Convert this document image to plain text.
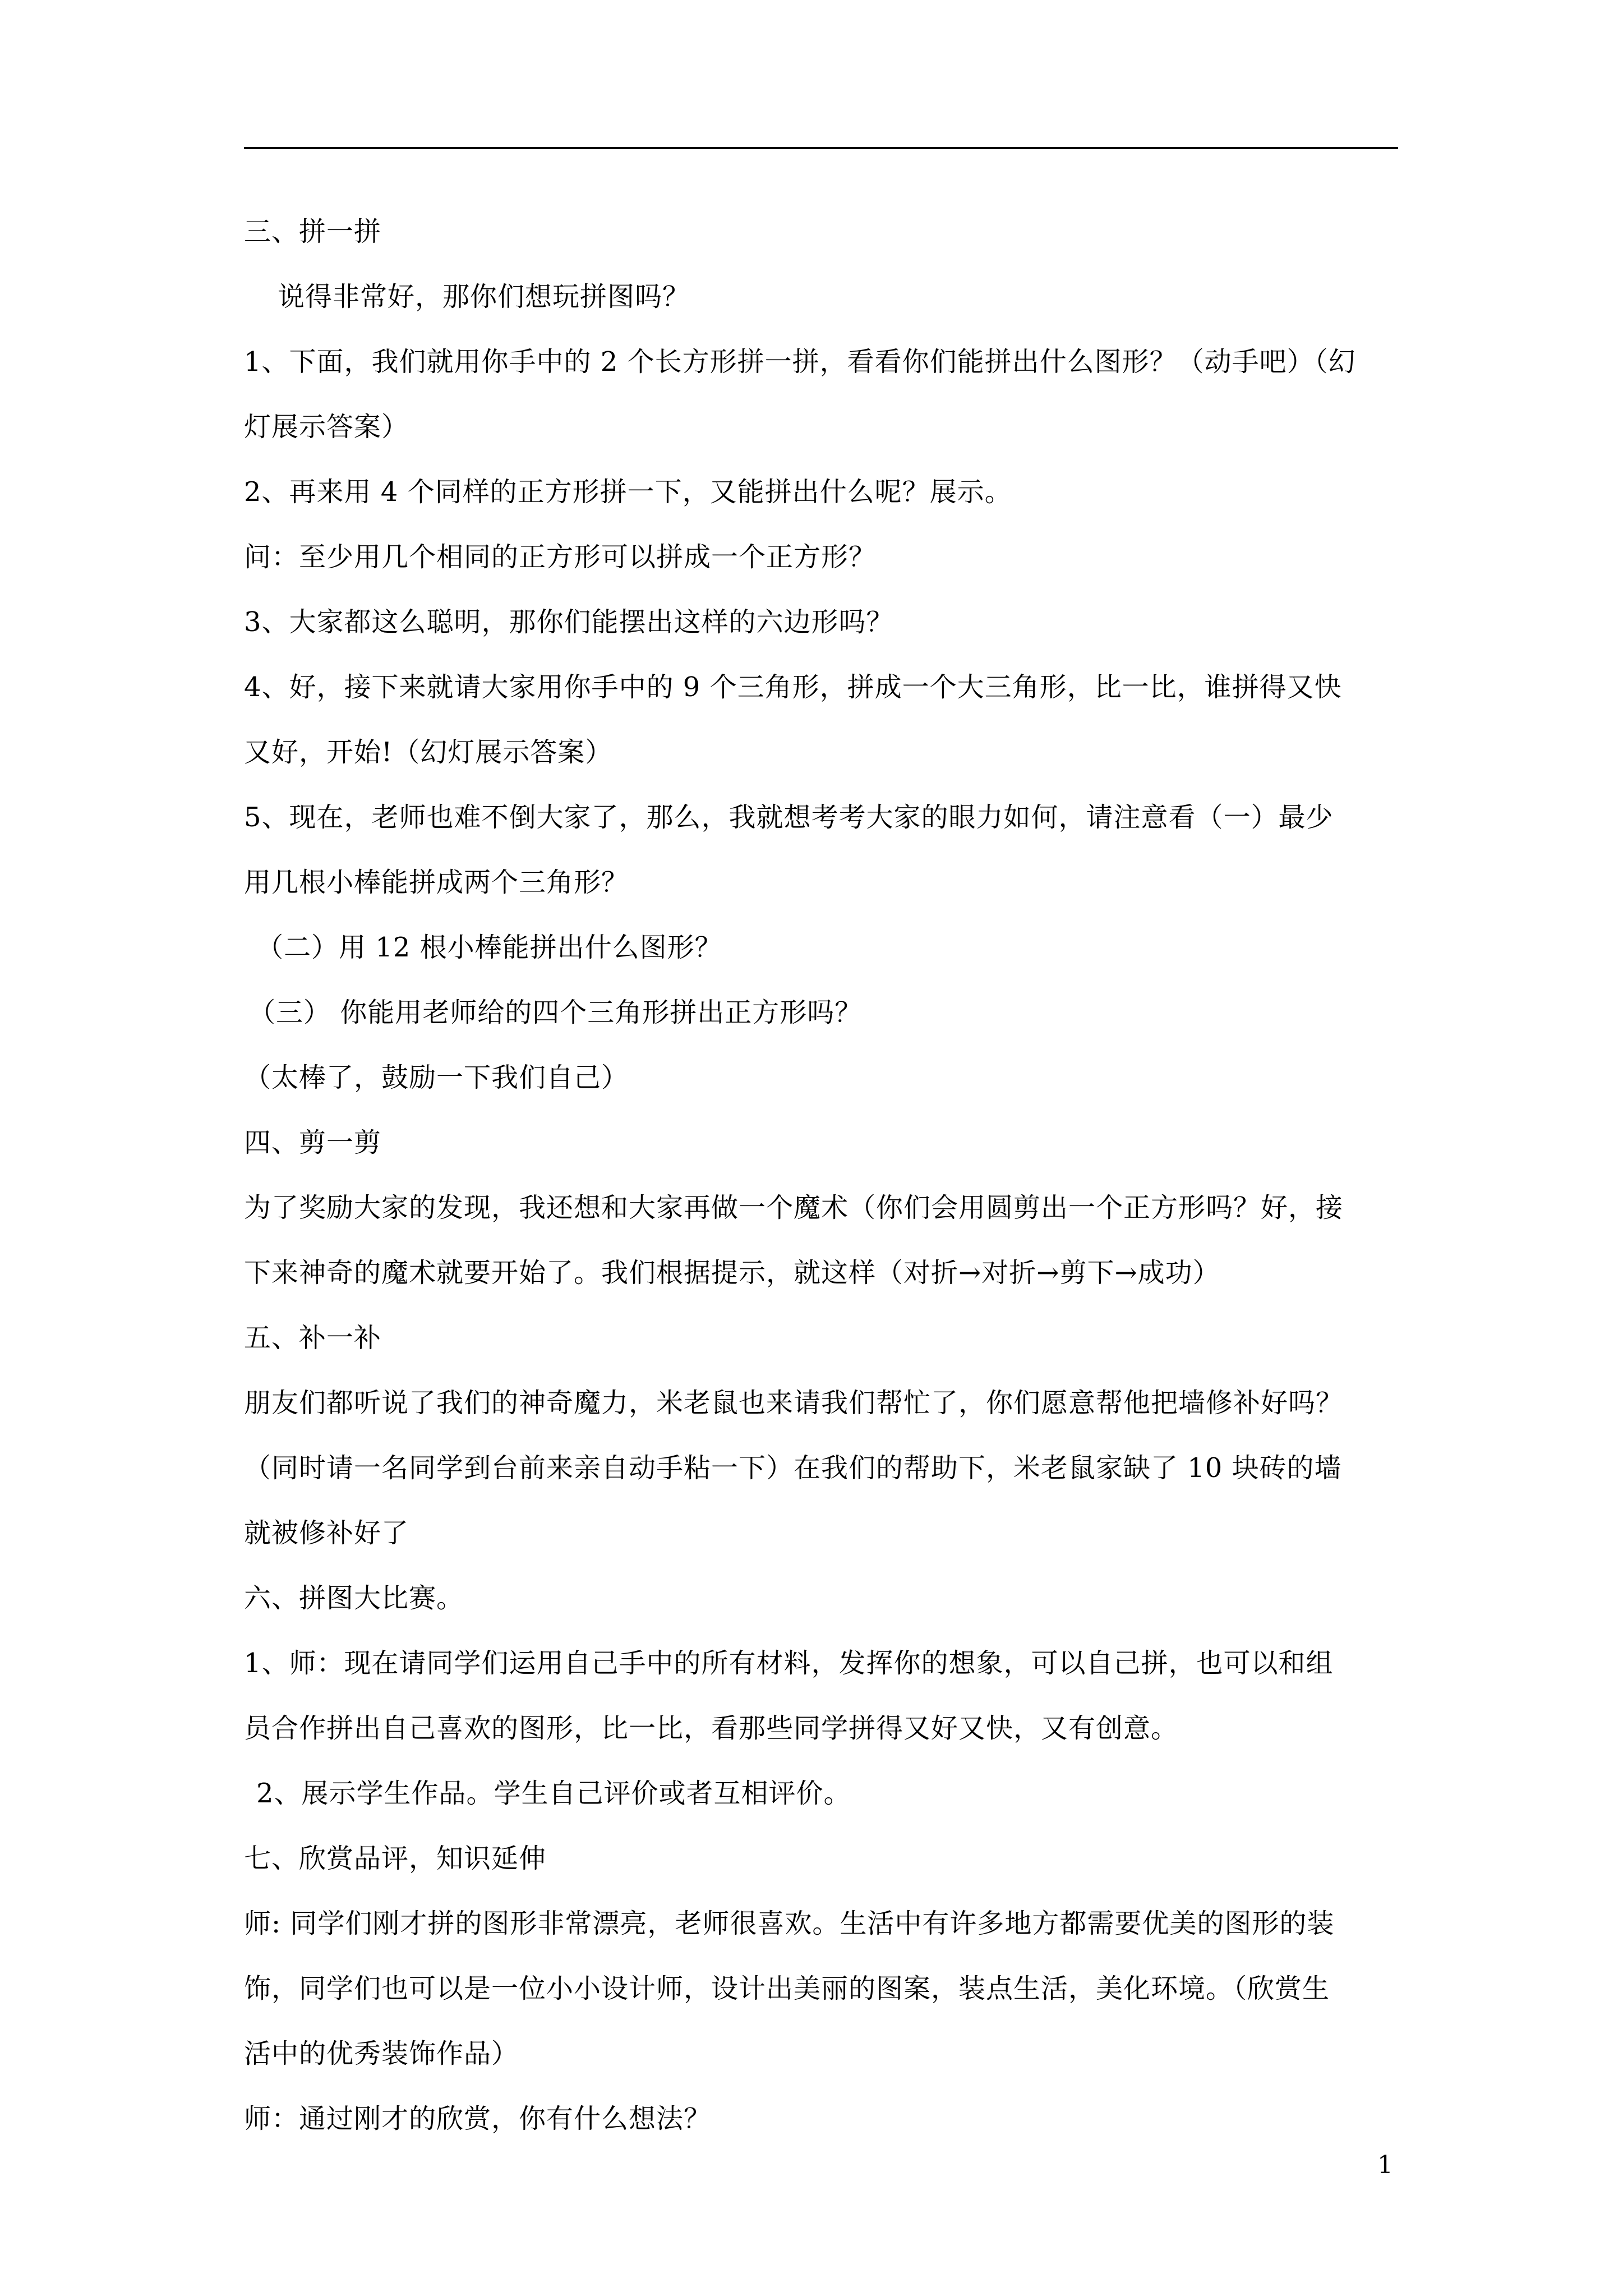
三、拼一拼
说得非常好，那你们想玩拼图吗？
1、下面，我们就用你手中的 2 个长方形拼一拼，看看你们能拼出什么图形？（动手吧）（幻
灯展示答案）
2、再来用 4 个同样的正方形拼一下，又能拼出什么呢？展示。
问：至少用几个相同的正方形可以拼成一个正方形？
3、大家都这么聪明，那你们能摆出这样的六边形吗？
4、好，接下来就请大家用你手中的 9 个三角形，拼成一个大三角形，比一比，谁拼得又快
又好，开始!（幻灯展示答案）
5、现在，老师也难不倒大家了，那么，我就想考考大家的眼力如何，请注意看（一）最少
用几根小棒能拼成两个三角形？
（二）用 12 根小棒能拼出什么图形？
（三） 你能用老师给的四个三角形拼出正方形吗？
（太棒了，鼓励一下我们自己）
四、剪一剪
为了奖励大家的发现，我还想和大家再做一个魔术（你们会用圆剪出一个正方形吗？好，接
下来神奇的魔术就要开始了。我们根据提示，就这样（对折→对折→剪下→成功）
五、补一补
朋友们都听说了我们的神奇魔力，米老鼠也来请我们帮忙了，你们愿意帮他把墙修补好吗？
（同时请一名同学到台前来亲自动手粘一下）在我们的帮助下，米老鼠家缺了 10 块砖的墙
就被修补好了
六、拼图大比赛。
1、师：现在请同学们运用自己手中的所有材料，发挥你的想象，可以自己拼，也可以和组
员合作拼出自己喜欢的图形，比一比，看那些同学拼得又好又快，又有创意。
2、展示学生作品。学生自己评价或者互相评价。
七、欣赏品评，知识延伸
师: 同学们刚才拼的图形非常漂亮，老师很喜欢。生活中有许多地方都需要优美的图形的装
饰，同学们也可以是一位小小设计师，设计出美丽的图案，装点生活，美化环境。（欣赏生
活中的优秀装饰作品）
师：通过刚才的欣赏，你有什么想法？
1
